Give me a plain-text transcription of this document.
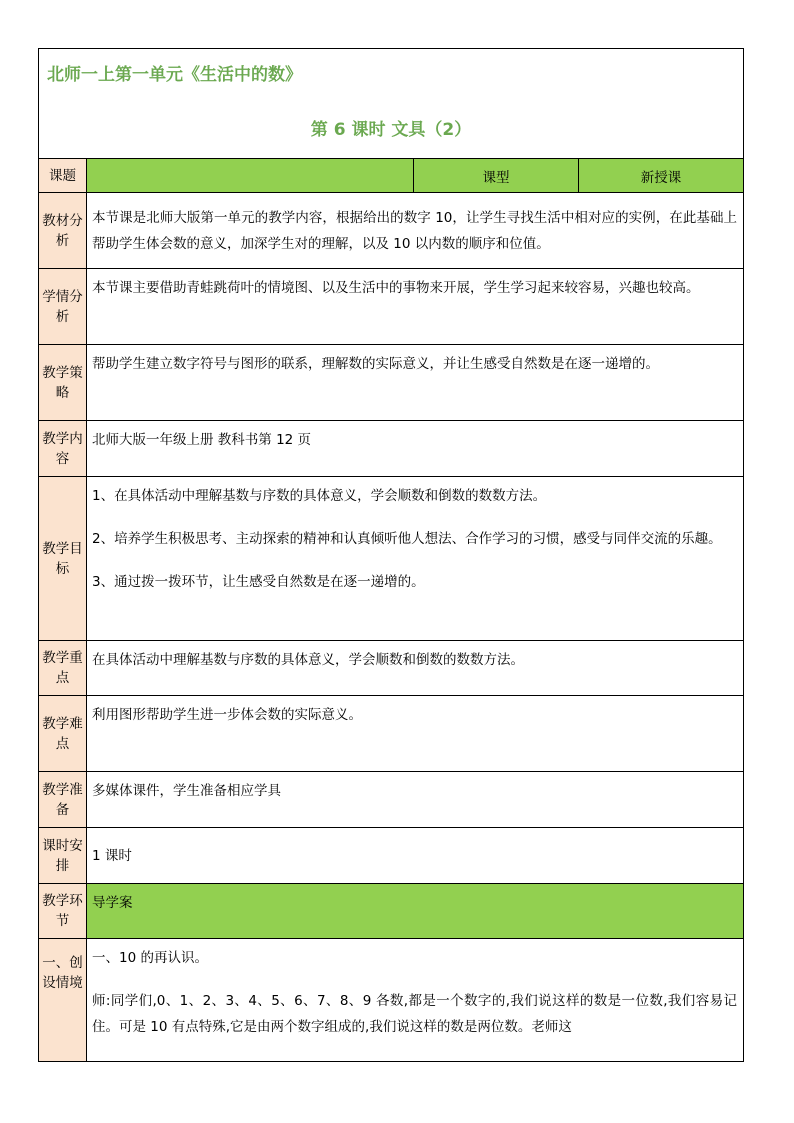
北师一上第一单元《生活中的数》
第 6 课时 文具（2）			

课题		课型	新授课
教材分析	本节课是北师大版第一单元的教学内容，根据给出的数字 10，让学生寻找生活中相对应的实例，在此基础上帮助学生体会数的意义，加深学生对的理解，以及 10 以内数的顺序和位值。		
学情分析	本节课主要借助青蛙跳荷叶的情境图、以及生活中的事物来开展，学生学习起来较容易，兴趣也较高。		
教学策略	帮助学生建立数字符号与图形的联系，理解数的实际意义，并让生感受自然数是在逐一递增的。		
教学内容	北师大版一年级上册 教科书第 12 页		
教学目标	1、在具体活动中理解基数与序数的具体意义，学会顺数和倒数的数数方法。

2、培养学生积极思考、主动探索的精神和认真倾听他人想法、合作学习的习惯，感受与同伴交流的乐趣。

3、通过拨一拨环节，让生感受自然数是在逐一递增的。		

教学重点	在具体活动中理解基数与序数的具体意义，学会顺数和倒数的数数方法。		
教学难点	利用图形帮助学生进一步体会数的实际意义。		
教学准备	多媒体课件，学生准备相应学具		
课时安排	1 课时		
教学环节	导学案		
一、创设情境	一、10 的再认识。

师:同学们,0、1、2、3、4、5、6、7、8、9 各数,都是一个数字的,我们说这样的数是一位数,我们容易记住。可是 10 有点特殊,它是由两个数字组成的,我们说这样的数是两位数。老师这		
